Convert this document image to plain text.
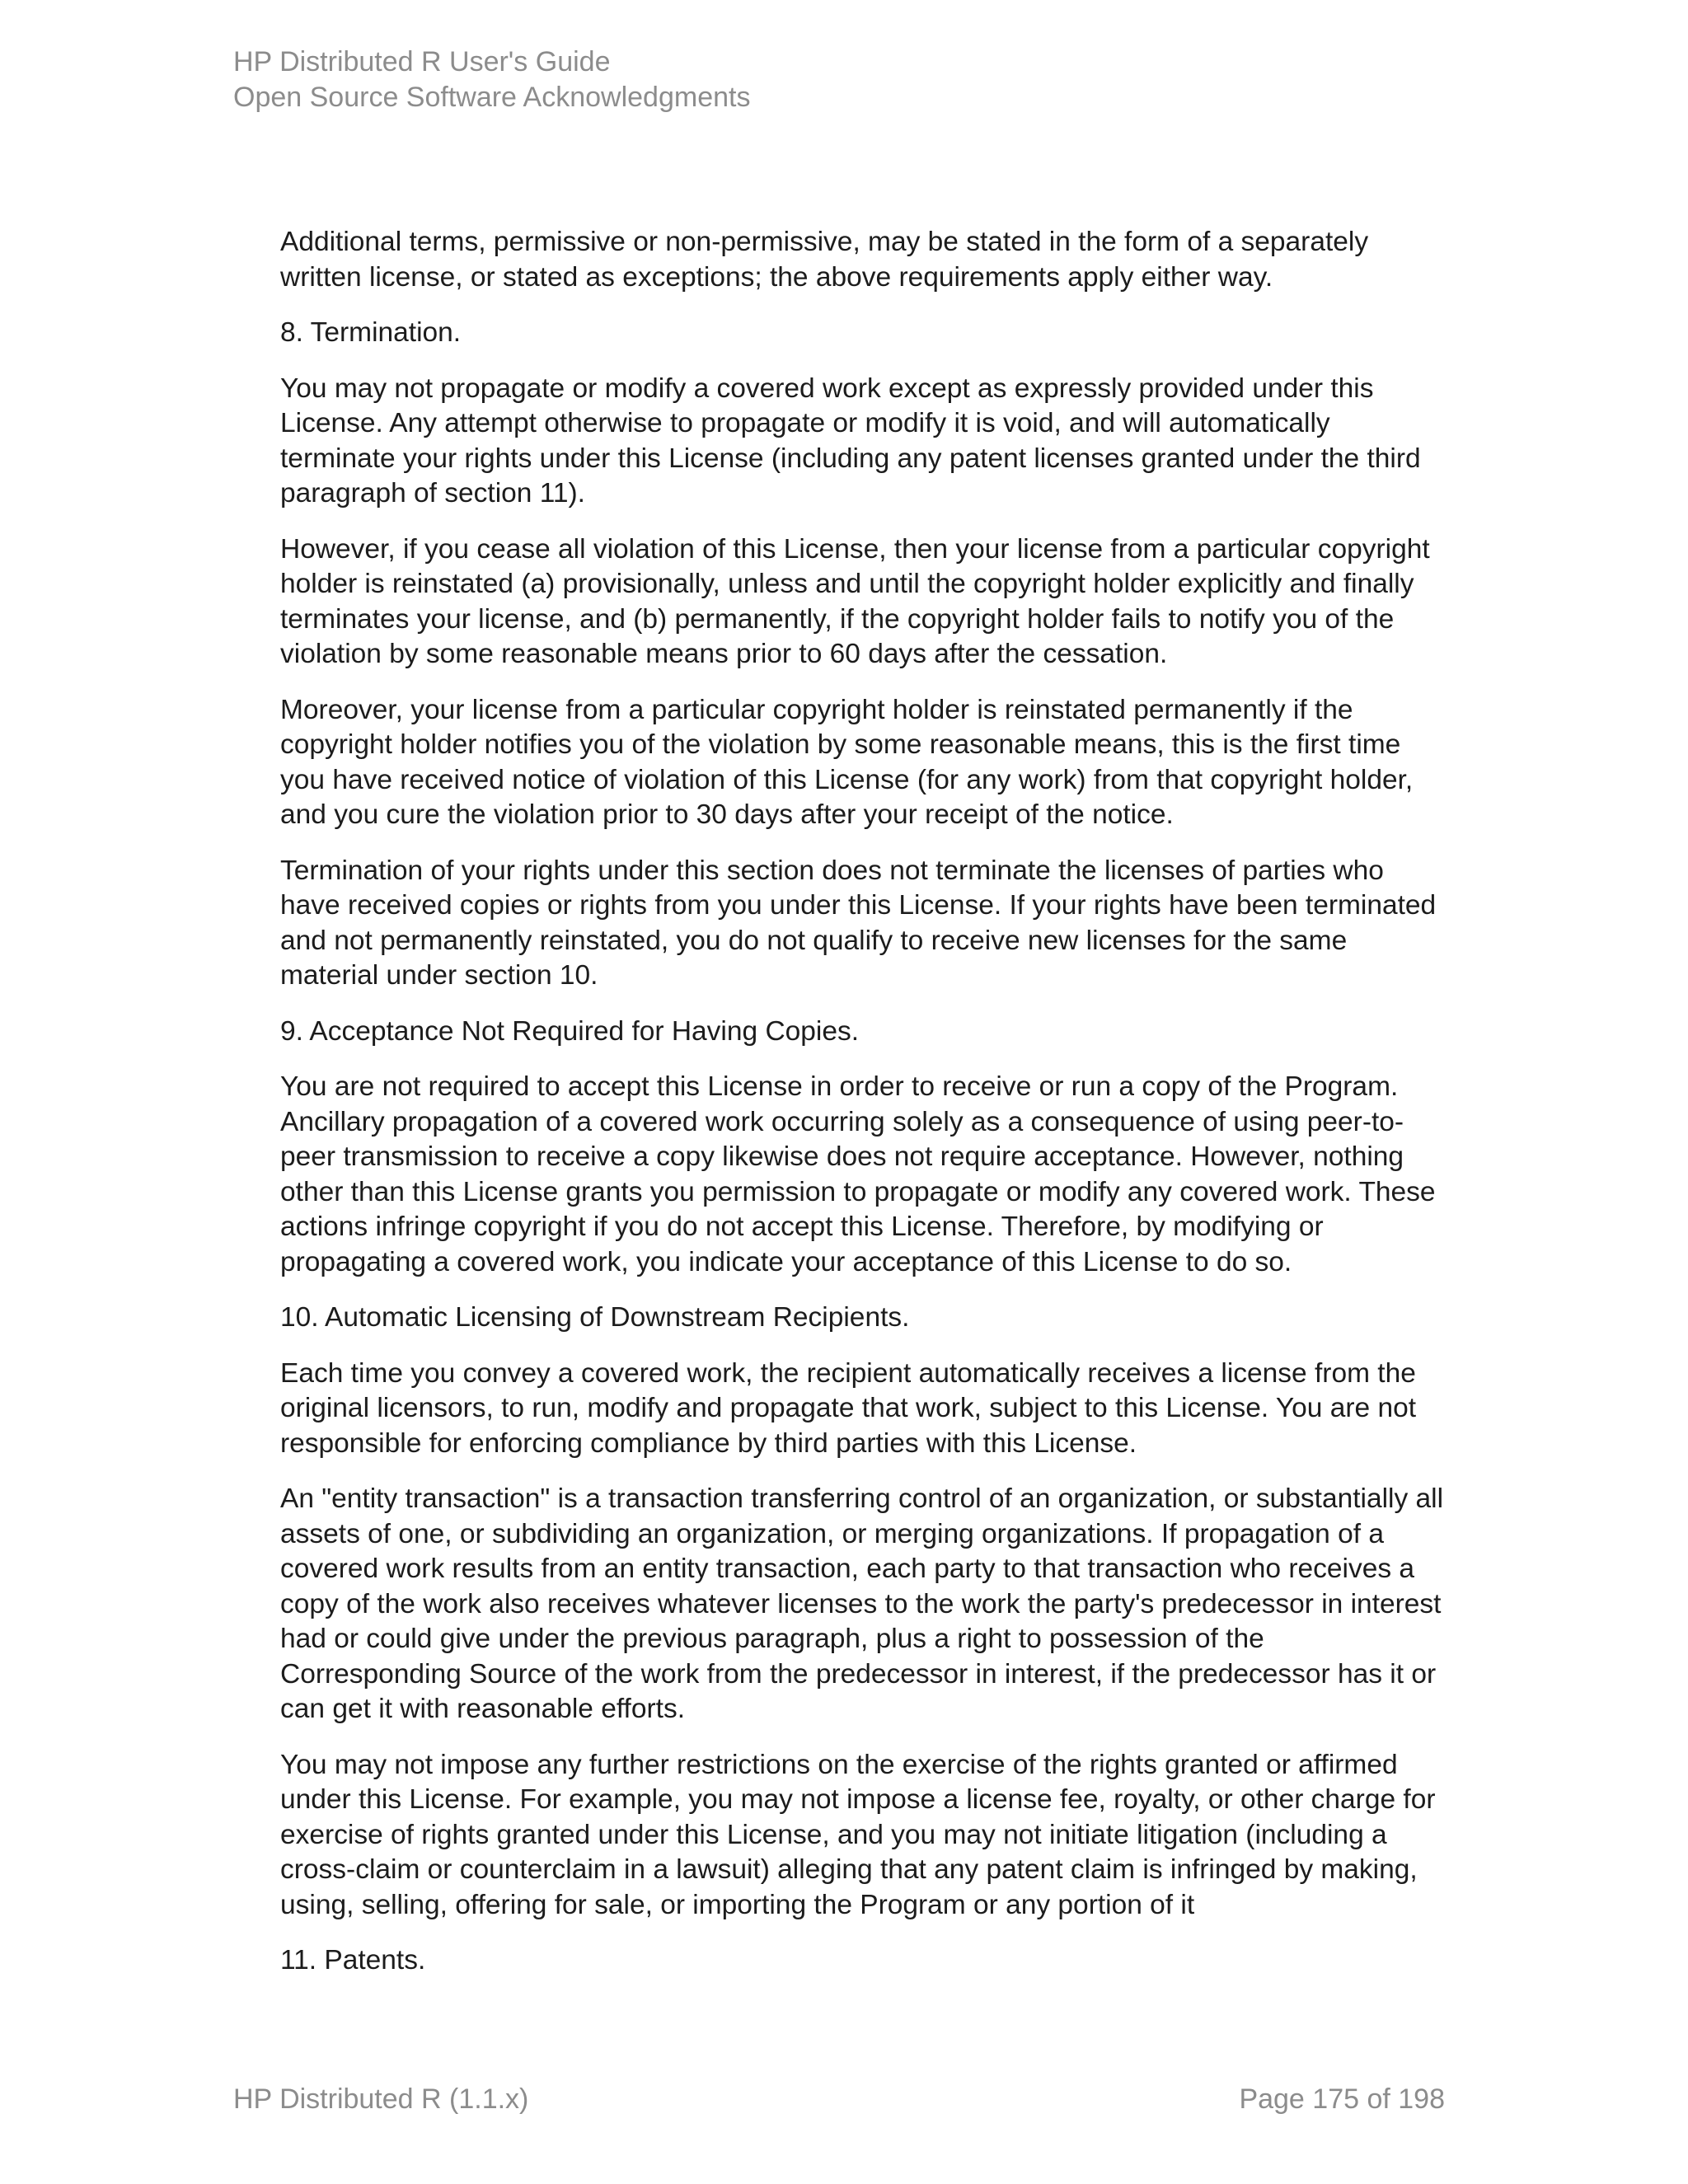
HP Distributed R User's Guide
Open Source Software Acknowledgments

Additional terms, permissive or non-permissive, may be stated in the form of a separately written license, or stated as exceptions; the above requirements apply either way.

8. Termination.

You may not propagate or modify a covered work except as expressly provided under this License. Any attempt otherwise to propagate or modify it is void, and will automatically terminate your rights under this License (including any patent licenses granted under the third paragraph of section 11).

However, if you cease all violation of this License, then your license from a particular copyright holder is reinstated (a) provisionally, unless and until the copyright holder explicitly and finally terminates your license, and (b) permanently, if the copyright holder fails to notify you of the violation by some reasonable means prior to 60 days after the cessation.

Moreover, your license from a particular copyright holder is reinstated permanently if the copyright holder notifies you of the violation by some reasonable means, this is the first time you have received notice of violation of this License (for any work) from that copyright holder, and you cure the violation prior to 30 days after your receipt of the notice.

Termination of your rights under this section does not terminate the licenses of parties who have received copies or rights from you under this License. If your rights have been terminated and not permanently reinstated, you do not qualify to receive new licenses for the same material under section 10.

9. Acceptance Not Required for Having Copies.

You are not required to accept this License in order to receive or run a copy of the Program. Ancillary propagation of a covered work occurring solely as a consequence of using peer-to-peer transmission to receive a copy likewise does not require acceptance. However, nothing other than this License grants you permission to propagate or modify any covered work. These actions infringe copyright if you do not accept this License. Therefore, by modifying or propagating a covered work, you indicate your acceptance of this License to do so.

10. Automatic Licensing of Downstream Recipients.

Each time you convey a covered work, the recipient automatically receives a license from the original licensors, to run, modify and propagate that work, subject to this License. You are not responsible for enforcing compliance by third parties with this License.

An "entity transaction" is a transaction transferring control of an organization, or substantially all assets of one, or subdividing an organization, or merging organizations. If propagation of a covered work results from an entity transaction, each party to that transaction who receives a copy of the work also receives whatever licenses to the work the party's predecessor in interest had or could give under the previous paragraph, plus a right to possession of the Corresponding Source of the work from the predecessor in interest, if the predecessor has it or can get it with reasonable efforts.

You may not impose any further restrictions on the exercise of the rights granted or affirmed under this License. For example, you may not impose a license fee, royalty, or other charge for exercise of rights granted under this License, and you may not initiate litigation (including a cross-claim or counterclaim in a lawsuit) alleging that any patent claim is infringed by making, using, selling, offering for sale, or importing the Program or any portion of it

11. Patents.

HP Distributed R (1.1.x)	Page 175 of 198
